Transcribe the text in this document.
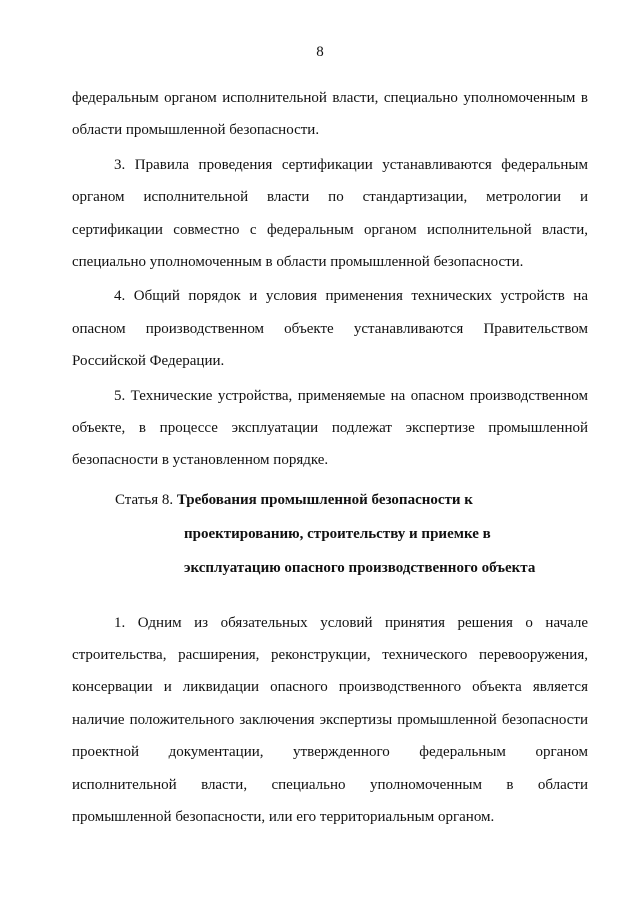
8
федеральным органом исполнительной власти, специально уполномоченным в
области промышленной безопасности.
3. Правила проведения сертификации устанавливаются федеральным
органом исполнительной власти по стандартизации, метрологии и
сертификации совместно с федеральным органом исполнительной власти,
специально уполномоченным в области промышленной безопасности.
4. Общий порядок и условия применения технических устройств на
опасном производственном объекте устанавливаются Правительством
Российской Федерации.
5. Технические устройства, применяемые на опасном производственном
объекте, в процессе эксплуатации подлежат экспертизе промышленной
безопасности в установленном порядке.
Статья 8. Требования промышленной безопасности к
проектированию, строительству и приемке в
эксплуатацию опасного производственного объекта
1. Одним из обязательных условий принятия решения о начале
строительства, расширения, реконструкции, технического перевооружения,
консервации и ликвидации опасного производственного объекта является
наличие положительного заключения экспертизы промышленной безопасности
проектной документации, утвержденного федеральным органом
исполнительной власти, специально уполномоченным в области
промышленной безопасности, или его территориальным органом.
